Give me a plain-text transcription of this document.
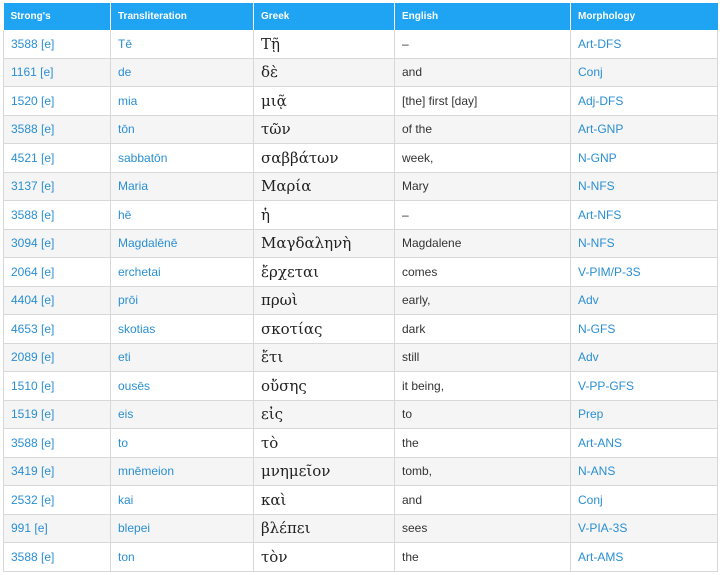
Strong's	Transliteration	Greek	English	Morphology
3588 [e]	Tē	Τῇ	–	Art-DFS
1161 [e]	de	δὲ	and	Conj
1520 [e]	mia	μιᾷ	[the] first [day]	Adj-DFS
3588 [e]	tōn	τῶν	of the	Art-GNP
4521 [e]	sabbatōn	σαββάτων	week,	N-GNP
3137 [e]	Maria	Μαρία	Mary	N-NFS
3588 [e]	hē	ἡ	–	Art-NFS
3094 [e]	Magdalēnē	Μαγδαληνὴ	Magdalene	N-NFS
2064 [e]	erchetai	ἔρχεται	comes	V-PIM/P-3S
4404 [e]	prōi	πρωὶ	early,	Adv
4653 [e]	skotias	σκοτίας	dark	N-GFS
2089 [e]	eti	ἔτι	still	Adv
1510 [e]	ousēs	οὔσης	it being,	V-PP-GFS
1519 [e]	eis	εἰς	to	Prep
3588 [e]	to	τὸ	the	Art-ANS
3419 [e]	mnēmeion	μνημεῖον	tomb,	N-ANS
2532 [e]	kai	καὶ	and	Conj
991 [e]	blepei	βλέπει	sees	V-PIA-3S
3588 [e]	ton	τὸν	the	Art-AMS
